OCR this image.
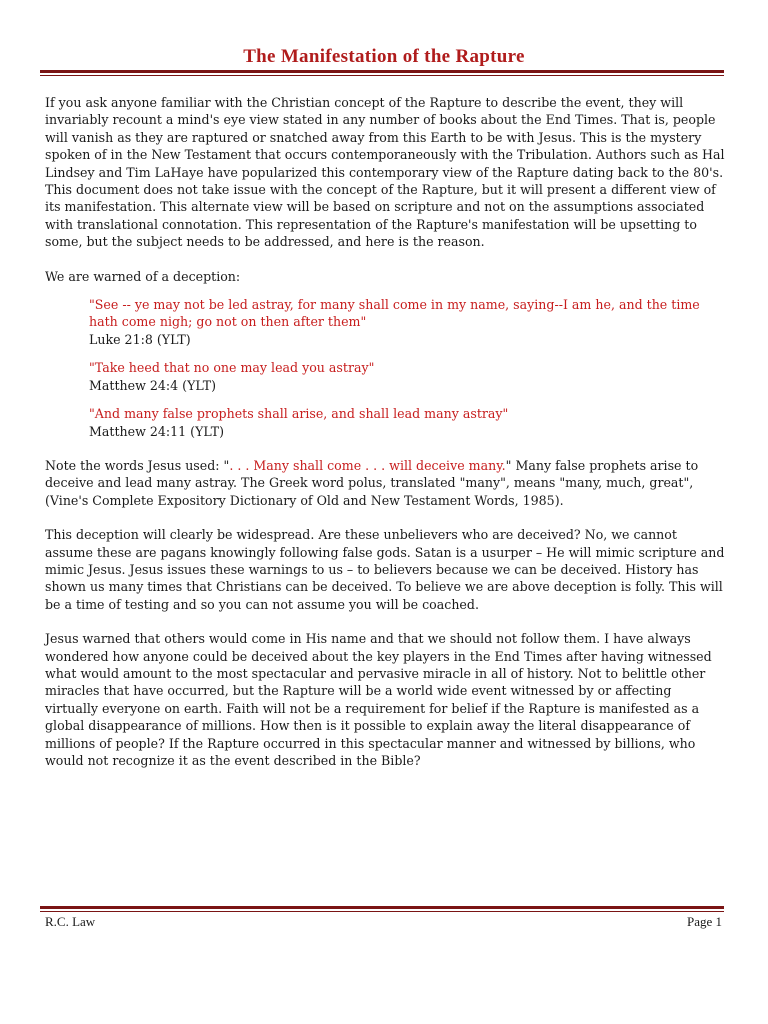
The Manifestation of the Rapture

If you ask anyone familiar with the Christian concept of the Rapture to describe the event, they will invariably recount a mind's eye view stated in any number of books about the End Times. That is, people will vanish as they are raptured or snatched away from this Earth to be with Jesus. This is the mystery spoken of in the New Testament that occurs contemporaneously with the Tribulation. Authors such as Hal Lindsey and Tim LaHaye have popularized this contemporary view of the Rapture dating back to the 80's. This document does not take issue with the concept of the Rapture, but it will present a different view of its manifestation. This alternate view will be based on scripture and not on the assumptions associated with translational connotation. This representation of the Rapture's manifestation will be upsetting to some, but the subject needs to be addressed, and here is the reason.

We are warned of a deception:

"See -- ye may not be led astray, for many shall come in my name, saying--I am he, and the time hath come nigh; go not on then after them"
Luke 21:8 (YLT)
"Take heed that no one may lead you astray"
Matthew 24:4 (YLT)
"And many false prophets shall arise, and shall lead many astray"
Matthew 24:11 (YLT)

Note the words Jesus used: ". . . Many shall come . . . will deceive many." Many false prophets arise to deceive and lead many astray. The Greek word polus, translated "many", means "many, much, great", (Vine's Complete Expository Dictionary of Old and New Testament Words, 1985).

This deception will clearly be widespread. Are these unbelievers who are deceived? No, we cannot assume these are pagans knowingly following false gods. Satan is a usurper – He will mimic scripture and mimic Jesus. Jesus issues these warnings to us – to believers because we can be deceived. History has shown us many times that Christians can be deceived. To believe we are above deception is folly. This will be a time of testing and so you can not assume you will be coached.

Jesus warned that others would come in His name and that we should not follow them. I have always wondered how anyone could be deceived about the key players in the End Times after having witnessed what would amount to the most spectacular and pervasive miracle in all of history. Not to belittle other miracles that have occurred, but the Rapture will be a world wide event witnessed by or affecting virtually everyone on earth. Faith will not be a requirement for belief if the Rapture is manifested as a global disappearance of millions. How then is it possible to explain away the literal disappearance of millions of people? If the Rapture occurred in this spectacular manner and witnessed by billions, who would not recognize it as the event described in the Bible?

R.C. Law	Page 1
